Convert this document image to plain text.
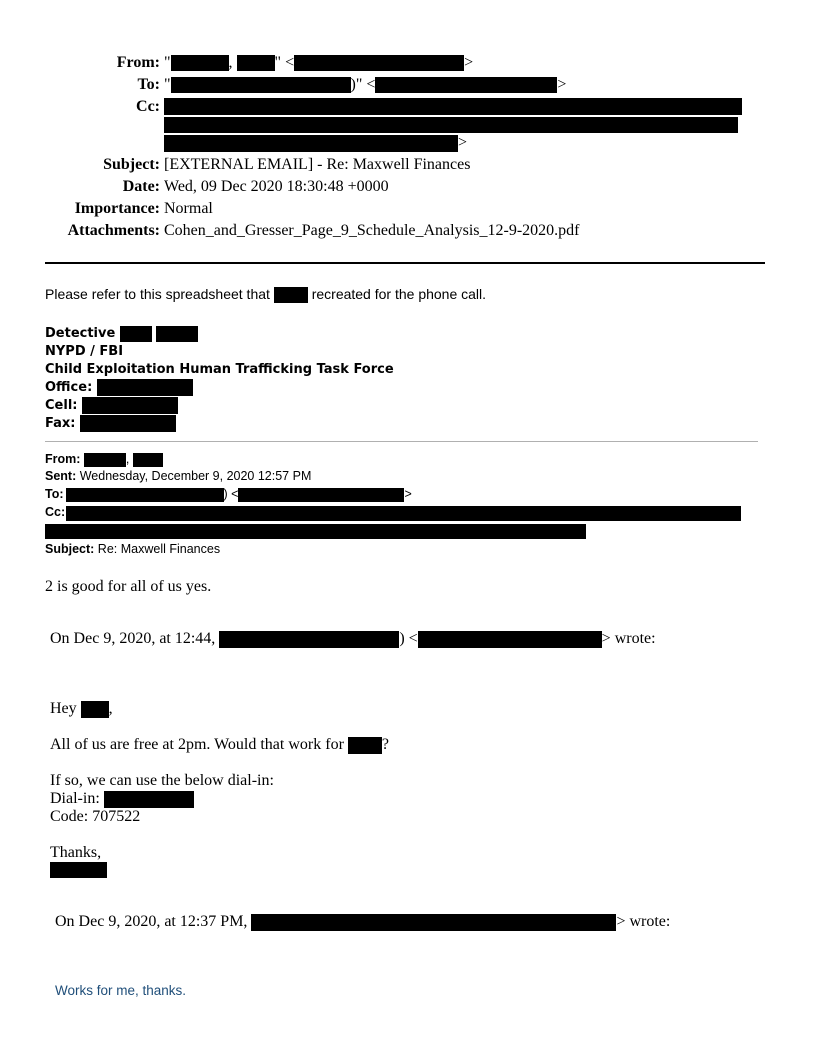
From: "	,	" <	>
To: "	)" <	>
Cc:
>
Subject: [EXTERNAL EMAIL] - Re: Maxwell Finances
Date: Wed, 09 Dec 2020 18:30:48 +0000
Importance: Normal
Attachments: Cohen_and_Gresser_Page_9_Schedule_Analysis_12-9-2020.pdf
Please refer to this spreadsheet that	recreated for the phone call.
Detective
NYPD / FBI
Child Exploitation Human Trafficking Task Force
Office:
Cell:
Fax:
From:	,
Sent: Wednesday, December 9, 2020 12:57 PM
To:	) <	>
Cc:
Subject: Re: Maxwell Finances
2 is good for all of us yes.
On Dec 9, 2020, at 12:44,	) <	> wrote:
Hey ,
All of us are free at 2pm. Would that work for ?
If so, we can use the below dial-in:
Dial-in:
Code: 707522
Thanks,
On Dec 9, 2020, at 12:37 PM,	> wrote:
Works for me, thanks.
